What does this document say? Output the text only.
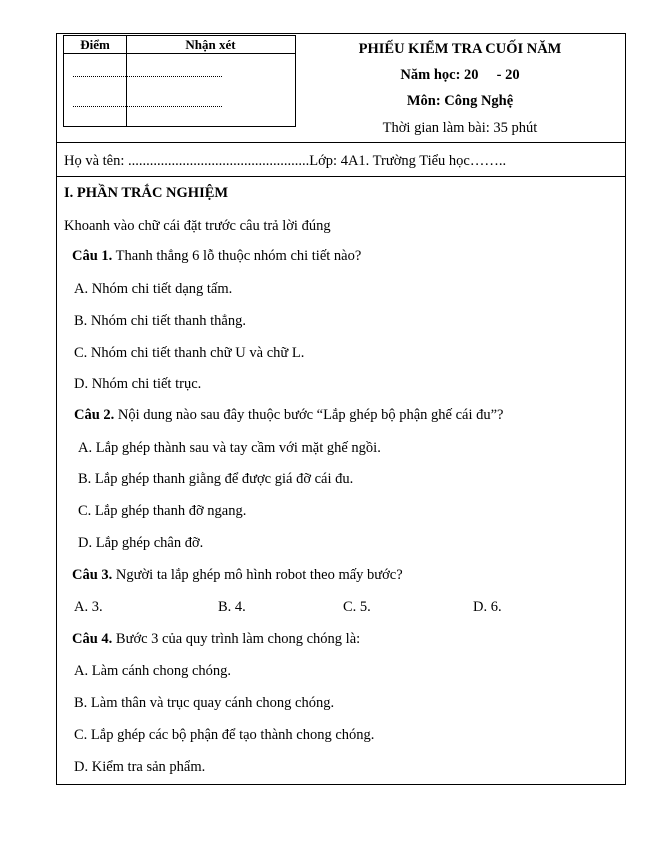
Điểm	Nhận xét	PHIẾU KIỂM TRA CUỐI NĂM
Năm học: 20     - 20
Môn: Công Nghệ
Thời gian làm bài: 35 phút
Họ và tên: ..................................................Lớp: 4A1. Trường Tiểu học……..
I. PHẦN TRẮC NGHIỆM
Khoanh vào chữ cái đặt trước câu trả lời đúng
Câu 1. Thanh thẳng 6 lỗ thuộc nhóm chi tiết nào?
A. Nhóm chi tiết dạng tấm.
B. Nhóm chi tiết thanh thẳng.
C. Nhóm chi tiết thanh chữ U và chữ L.
D. Nhóm chi tiết trục.
Câu 2. Nội dung nào sau đây thuộc bước “Lắp ghép bộ phận ghế cái đu”?
A. Lắp ghép thành sau và tay cầm với mặt ghế ngồi.
B. Lắp ghép thanh giằng để được giá đỡ cái đu.
C. Lắp ghép thanh đỡ ngang.
D. Lắp ghép chân đỡ.
Câu 3. Người ta lắp ghép mô hình robot theo mấy bước?
A. 3.	B. 4.	C. 5.	D. 6.
Câu 4. Bước 3 của quy trình làm chong chóng là:
A. Làm cánh chong chóng.
B. Làm thân và trục quay cánh chong chóng.
C. Lắp ghép các bộ phận để tạo thành chong chóng.
D. Kiểm tra sản phẩm.
